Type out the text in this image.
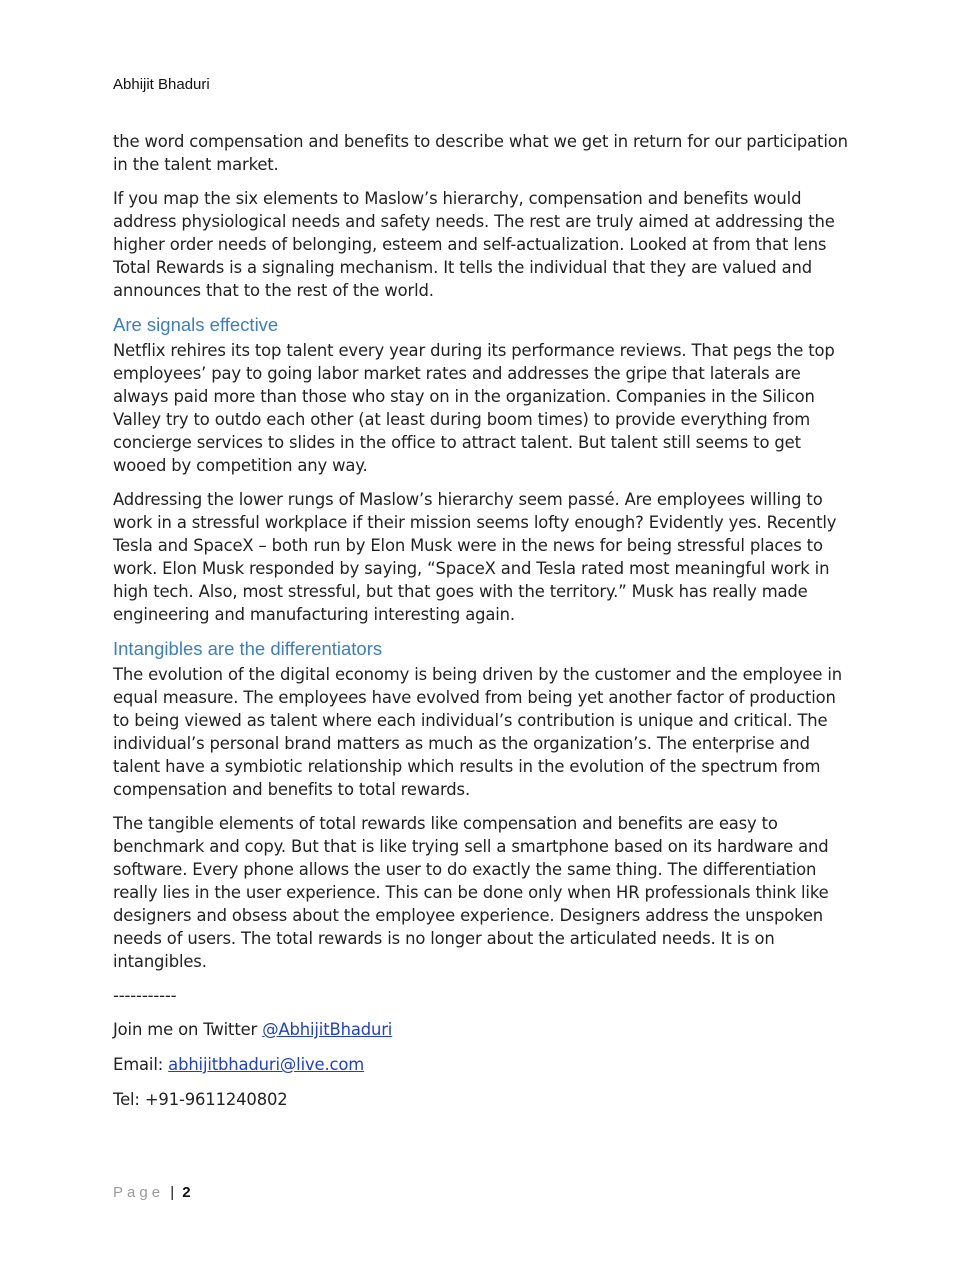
Abhijit Bhaduri

the word compensation and benefits to describe what we get in return for our participation in the talent market.

If you map the six elements to Maslow’s hierarchy, compensation and benefits would address physiological needs and safety needs. The rest are truly aimed at addressing the higher order needs of belonging, esteem and self-actualization. Looked at from that lens Total Rewards is a signaling mechanism. It tells the individual that they are valued and announces that to the rest of the world.

Are signals effective

Netflix rehires its top talent every year during its performance reviews. That pegs the top employees’ pay to going labor market rates and addresses the gripe that laterals are always paid more than those who stay on in the organization. Companies in the Silicon Valley try to outdo each other (at least during boom times) to provide everything from concierge services to slides in the office to attract talent. But talent still seems to get wooed by competition any way.

Addressing the lower rungs of Maslow’s hierarchy seem passé. Are employees willing to work in a stressful workplace if their mission seems lofty enough? Evidently yes. Recently Tesla and SpaceX – both run by Elon Musk were in the news for being stressful places to work. Elon Musk responded by saying, “SpaceX and Tesla rated most meaningful work in high tech. Also, most stressful, but that goes with the territory.” Musk has really made engineering and manufacturing interesting again.

Intangibles are the differentiators

The evolution of the digital economy is being driven by the customer and the employee in equal measure. The employees have evolved from being yet another factor of production to being viewed as talent where each individual’s contribution is unique and critical. The individual’s personal brand matters as much as the organization’s. The enterprise and talent have a symbiotic relationship which results in the evolution of the spectrum from compensation and benefits to total rewards.

The tangible elements of total rewards like compensation and benefits are easy to benchmark and copy. But that is like trying sell a smartphone based on its hardware and software. Every phone allows the user to do exactly the same thing. The differentiation really lies in the user experience. This can be done only when HR professionals think like designers and obsess about the employee experience. Designers address the unspoken needs of users. The total rewards is no longer about the articulated needs. It is on intangibles.

-----------

Join me on Twitter @AbhijitBhaduri

Email: abhijitbhaduri@live.com

Tel: +91-9611240802

Page | 2
